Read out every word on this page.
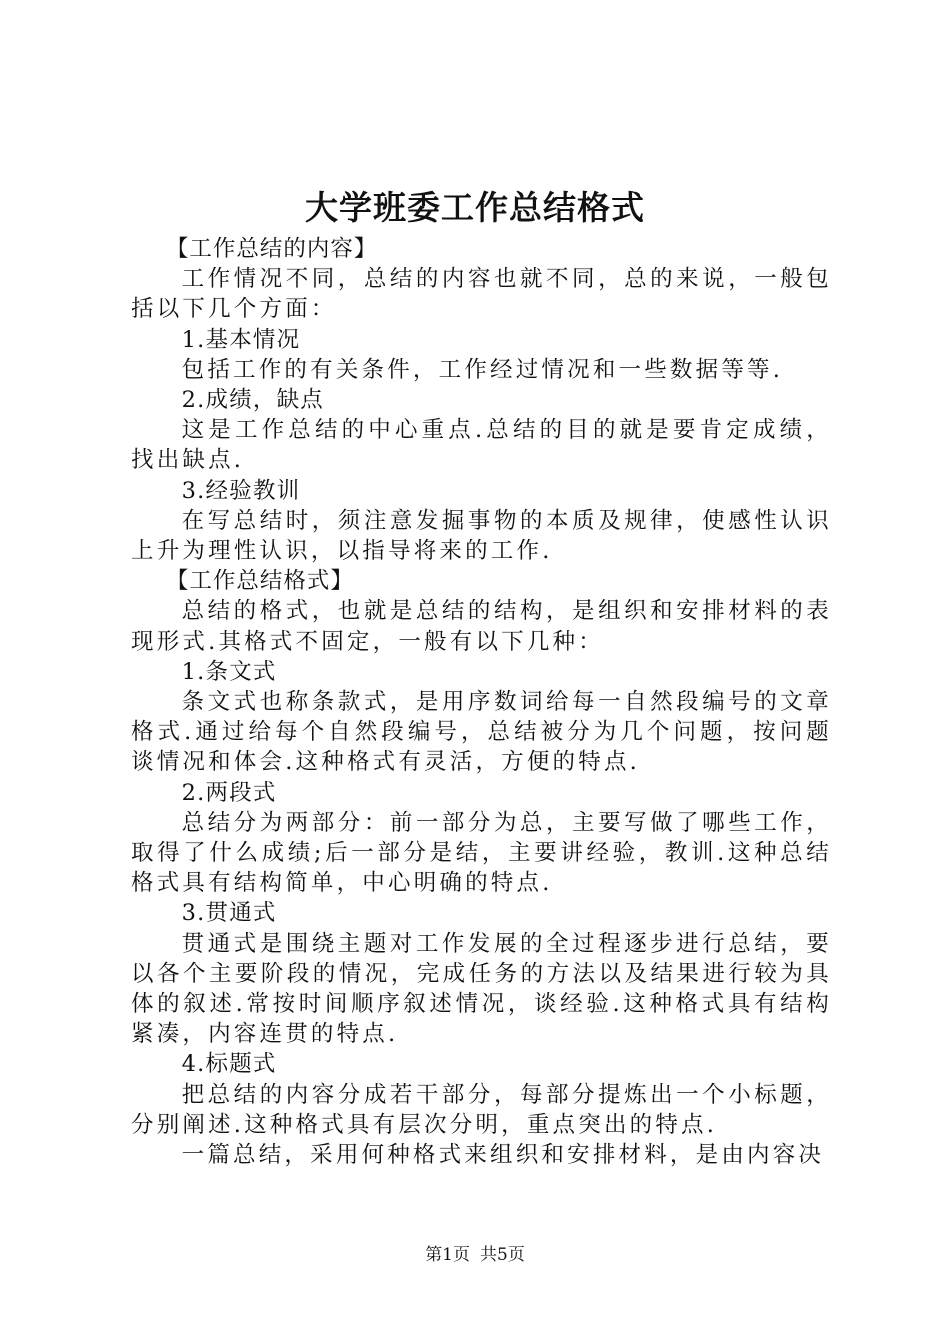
大学班委工作总结格式

【工作总结的内容】

工作情况不同，总结的内容也就不同，总的来说，一般包括以下几个方面：

1.基本情况

包括工作的有关条件，工作经过情况和一些数据等等.

2.成绩，缺点

这是工作总结的中心重点.总结的目的就是要肯定成绩，找出缺点.

3.经验教训

在写总结时，须注意发掘事物的本质及规律，使感性认识上升为理性认识，以指导将来的工作.

【工作总结格式】

总结的格式，也就是总结的结构，是组织和安排材料的表现形式.其格式不固定，一般有以下几种：

1.条文式

条文式也称条款式，是用序数词给每一自然段编号的文章格式.通过给每个自然段编号，总结被分为几个问题，按问题谈情况和体会.这种格式有灵活，方便的特点.

2.两段式

总结分为两部分：前一部分为总，主要写做了哪些工作，取得了什么成绩;后一部分是结，主要讲经验，教训.这种总结格式具有结构简单，中心明确的特点.

3.贯通式

贯通式是围绕主题对工作发展的全过程逐步进行总结，要以各个主要阶段的情况，完成任务的方法以及结果进行较为具体的叙述.常按时间顺序叙述情况，谈经验.这种格式具有结构紧凑，内容连贯的特点.

4.标题式

把总结的内容分成若干部分，每部分提炼出一个小标题，分别阐述.这种格式具有层次分明，重点突出的特点.

一篇总结，采用何种格式来组织和安排材料，是由内容决

第1页 共5页
